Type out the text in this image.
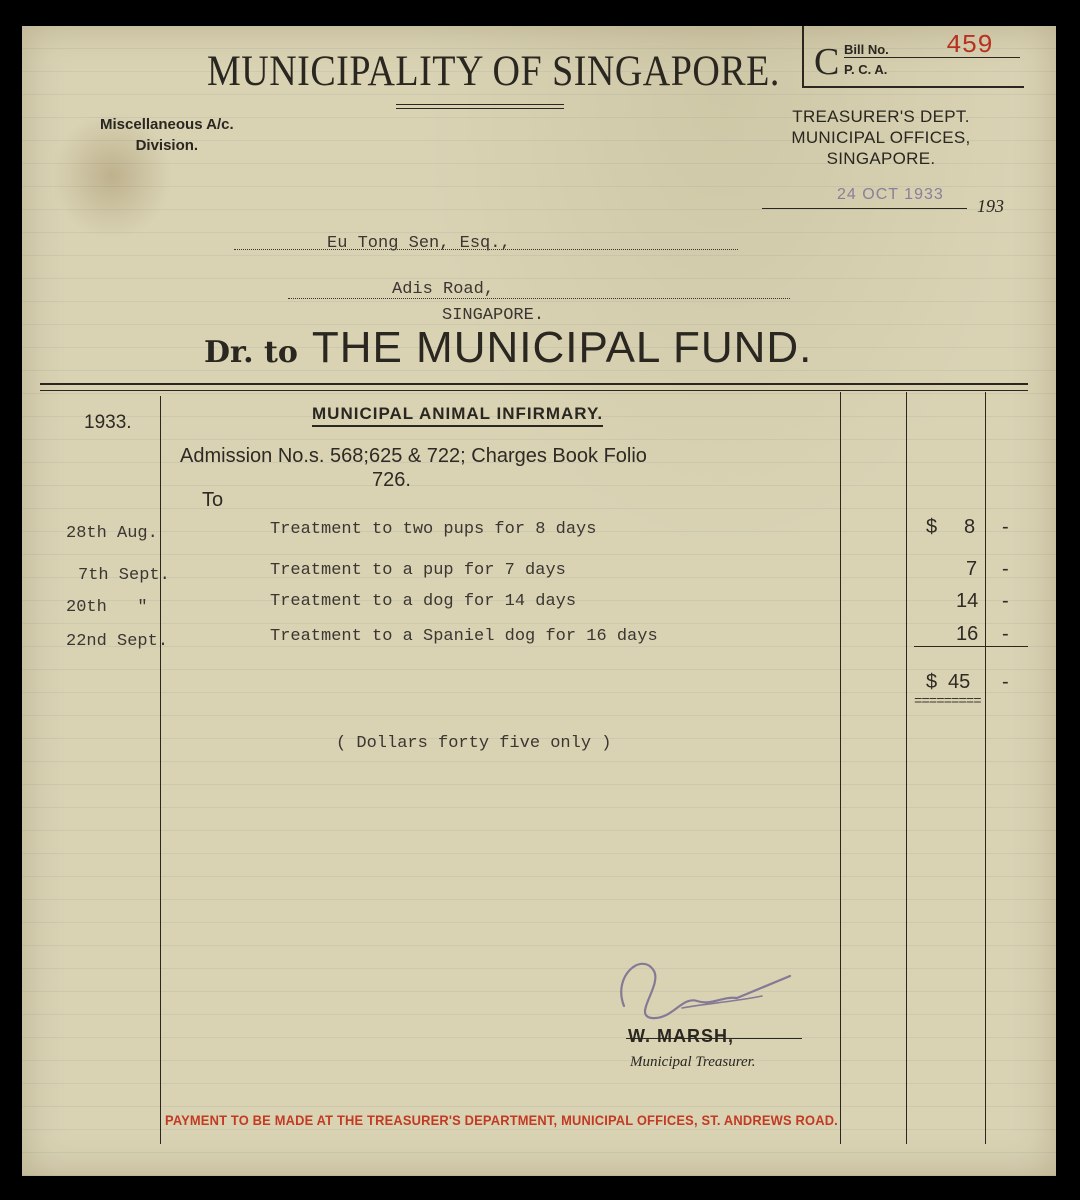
MUNICIPALITY OF SINGAPORE. C Bill No.
P. C. A.
459
Miscellaneous A/c.
Division.
TREASURER'S DEPT.
MUNICIPAL OFFICES,
SINGAPORE.
24 OCT 1933
193
Eu Tong Sen, Esq.,
Adis Road,
SINGAPORE.
Dr. to THE MUNICIPAL FUND.
1933.	MUNICIPAL ANIMAL INFIRMARY.
Admission No.s. 568;625 & 722; Charges Book Folio
726.
To
28th Aug.	Treatment to two pups for 8 days	$ 8 -
7th Sept.	Treatment to a pup for 7 days	7 -
20th   "	Treatment to a dog for 14 days	14 -
22nd Sept.	Treatment to a Spaniel dog for 16 days	16 -
$ 45 -
=========
( Dollars forty five only )
W. MARSH,
Municipal Treasurer.
PAYMENT TO BE MADE AT THE TREASURER'S DEPARTMENT, MUNICIPAL OFFICES, ST. ANDREWS ROAD.
